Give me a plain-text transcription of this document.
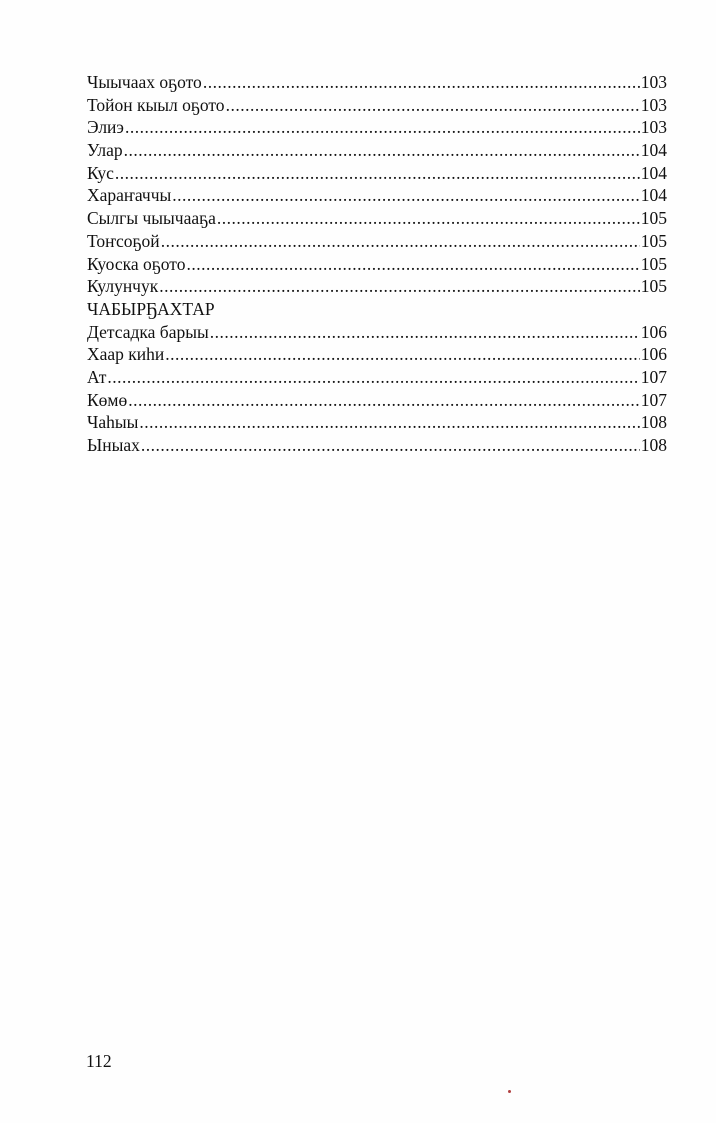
Чыычаах оҕото .....	103
Тойон кыыл оҕото .....	103
Элиэ .....	103
Улар .....	104
Кус .....	104
Хараҥаччы .....	104
Сылгы чыычааҕа .....	105
Тоҥсоҕой .....	105
Куоска оҕото .....	105
Кулунчук .....	105
ЧАБЫРҔАХТАР
Детсадка барыы .....	106
Хаар киһи .....	106
Ат .....	107
Көмө .....	107
Чаһыы .....	108
Ыныах .....	108
112
